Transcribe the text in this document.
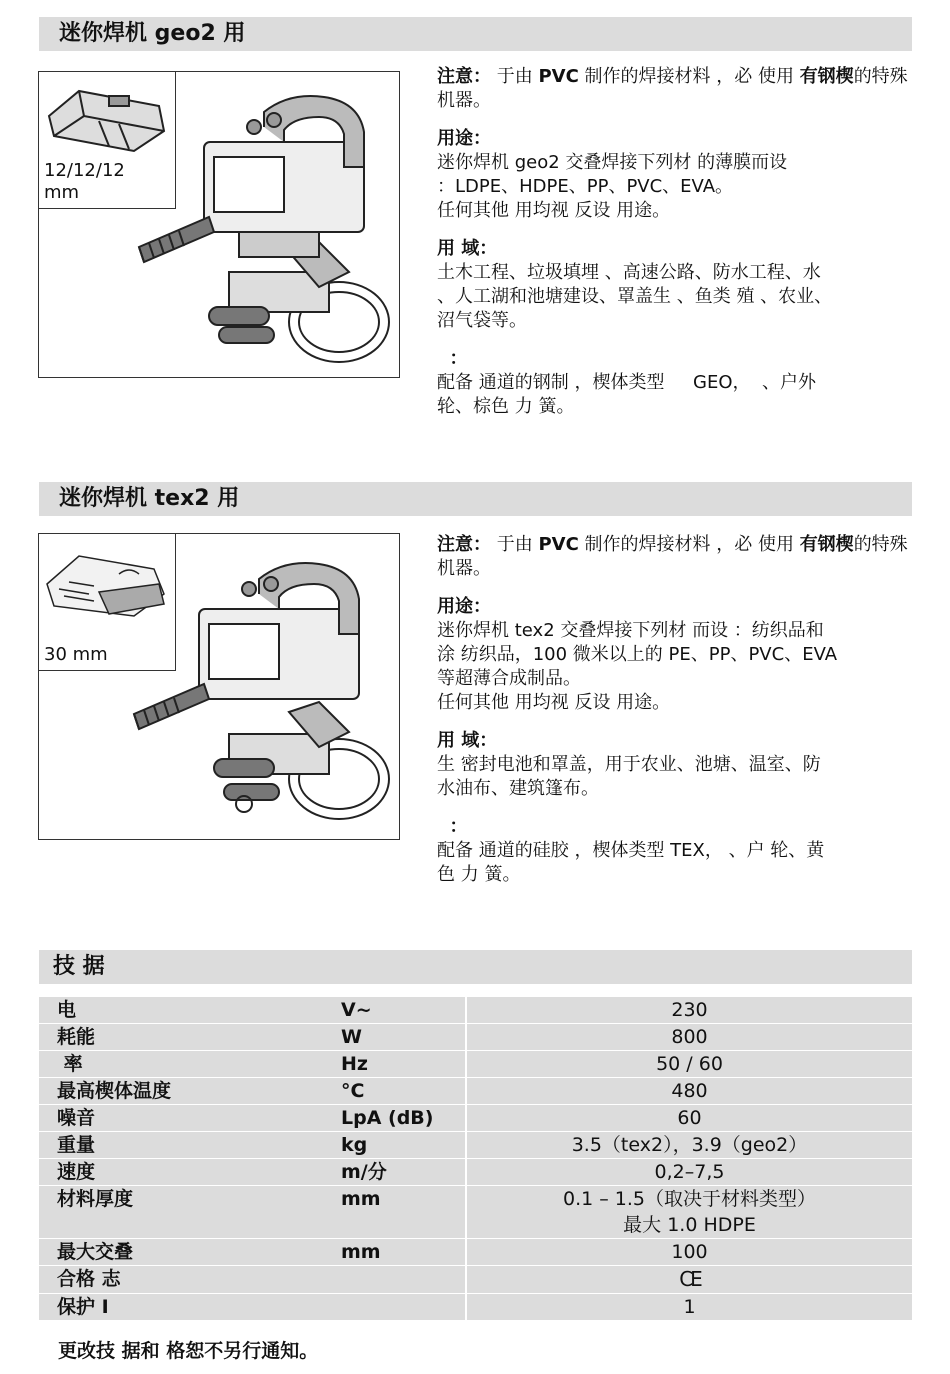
迷你焊机 geo2 用
12/12/12
mm

注意： 于由 PVC 制作的焊接材料 ，必 使用 有钢楔的特殊机器。

用途：

迷你焊机 geo2 交叠焊接下列材 的薄膜而设

：LDPE、HDPE、PP、PVC、EVA。

任何其他 用均视 反设 用途。

用 域：

土木工程、垃圾填埋 、高速公路、防水工程、水

、人工湖和池塘建设、罩盖生 、鱼类 殖 、农业、

沼气袋等。

：

配备 通道的钢制 ，楔体类型     GEO，  、户外

轮、棕色 力 簧。

迷你焊机 tex2 用
30 mm

注意： 于由 PVC 制作的焊接材料 ，必 使用 有钢楔的特殊机器。

用途：

迷你焊机 tex2 交叠焊接下列材 而设 ：纺织品和

涂 纺织品，100 微米以上的 PE、PP、PVC、EVA

等超薄合成制品。

任何其他 用均视 反设 用途。

用 域：

生 密封电池和罩盖，用于农业、池塘、温室、防

水油布、建筑篷布。

：

配备 通道的硅胶 ，楔体类型 TEX， 、户 轮、黄

色 力 簧。

技 据
电	V~	230
耗能	W	800
率	Hz	50 / 60
最高楔体温度	°C	480
噪音	LpA (dB)	60
重量	kg	3.5（tex2），3.9（geo2）
速度	m/分	0,2–7,5
材料厚度	mm	0.1 – 1.5（取决于材料类型）
最大 1.0 HDPE

最大交叠	mm	100
合格 志		CE
保护 I		1
更改技 据和 格恕不另行通知。
